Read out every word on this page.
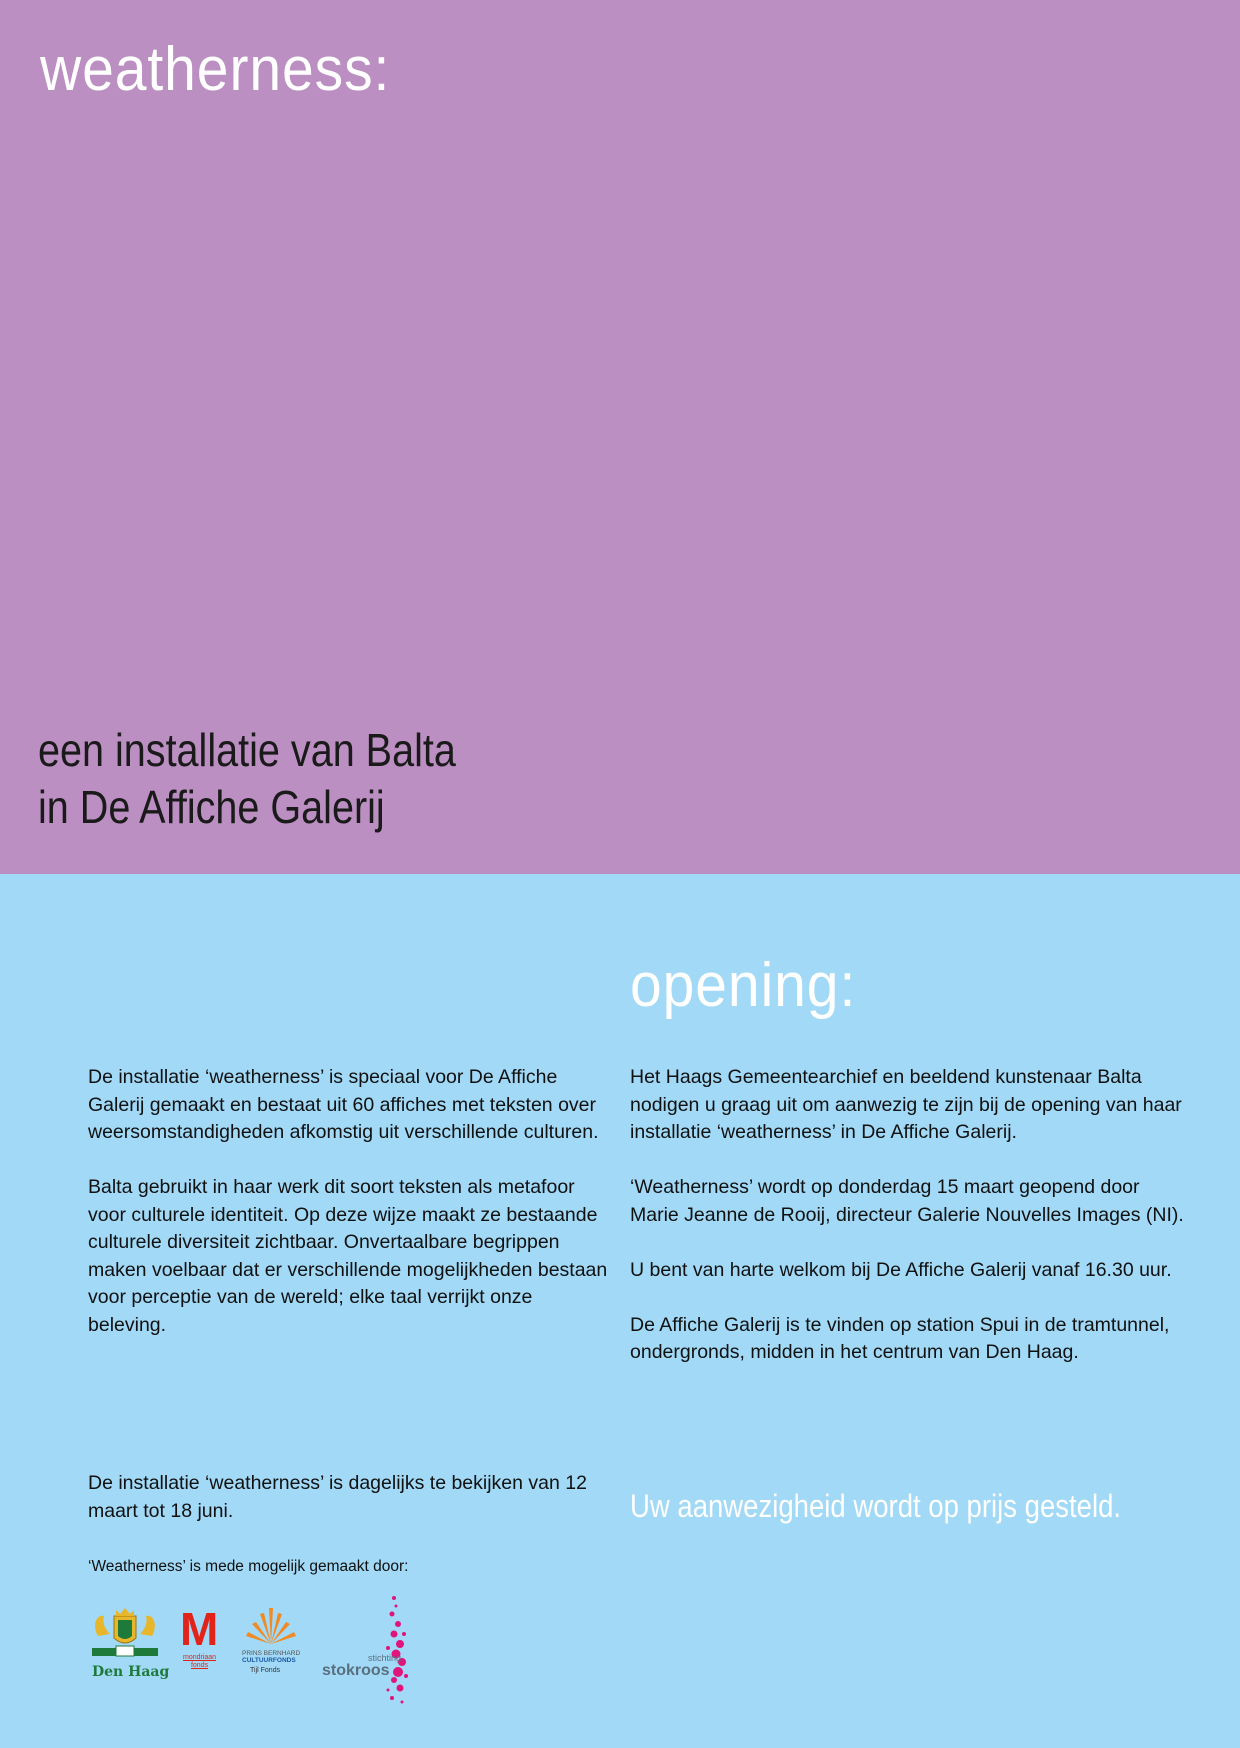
weatherness:
een installatie van Balta
in De Affiche Galerij
opening:

De installatie ‘weatherness’ is speciaal voor De Affiche Galerij gemaakt en bestaat uit 60 affiches met teksten over weersomstandigheden afkomstig uit verschillende culturen.

Balta gebruikt in haar werk dit soort teksten als metafoor voor culturele identiteit. Op deze wijze maakt ze bestaande culturele diversiteit zichtbaar. Onvertaalbare begrippen maken voelbaar dat er verschillende mogelijkheden bestaan voor perceptie van de wereld; elke taal verrijkt onze beleving.

De installatie ‘weatherness’ is dagelijks te bekijken van 12 maart tot 18 juni.

Het Haags Gemeentearchief en beeldend kunstenaar Balta nodigen u graag uit om aanwezig te zijn bij de opening van haar installatie ‘weatherness’ in De Affiche Galerij.

‘Weatherness’ wordt op donderdag 15 maart geopend door Marie Jeanne de Rooij, directeur Galerie Nouvelles Images (NI).

U bent van harte welkom bij De Affiche Galerij vanaf 16.30 uur.

De Affiche Galerij is te vinden op station Spui in de tramtunnel, ondergronds, midden in het centrum van Den Haag.

Uw aanwezigheid wordt op prijs gesteld.

‘Weatherness’ is mede mogelijk gemaakt door:

Den Haag
M
mondriaan
fonds
PRINS BERNHARD
CULTUURFONDS
Tijl Fonds
stichting
stokroos
